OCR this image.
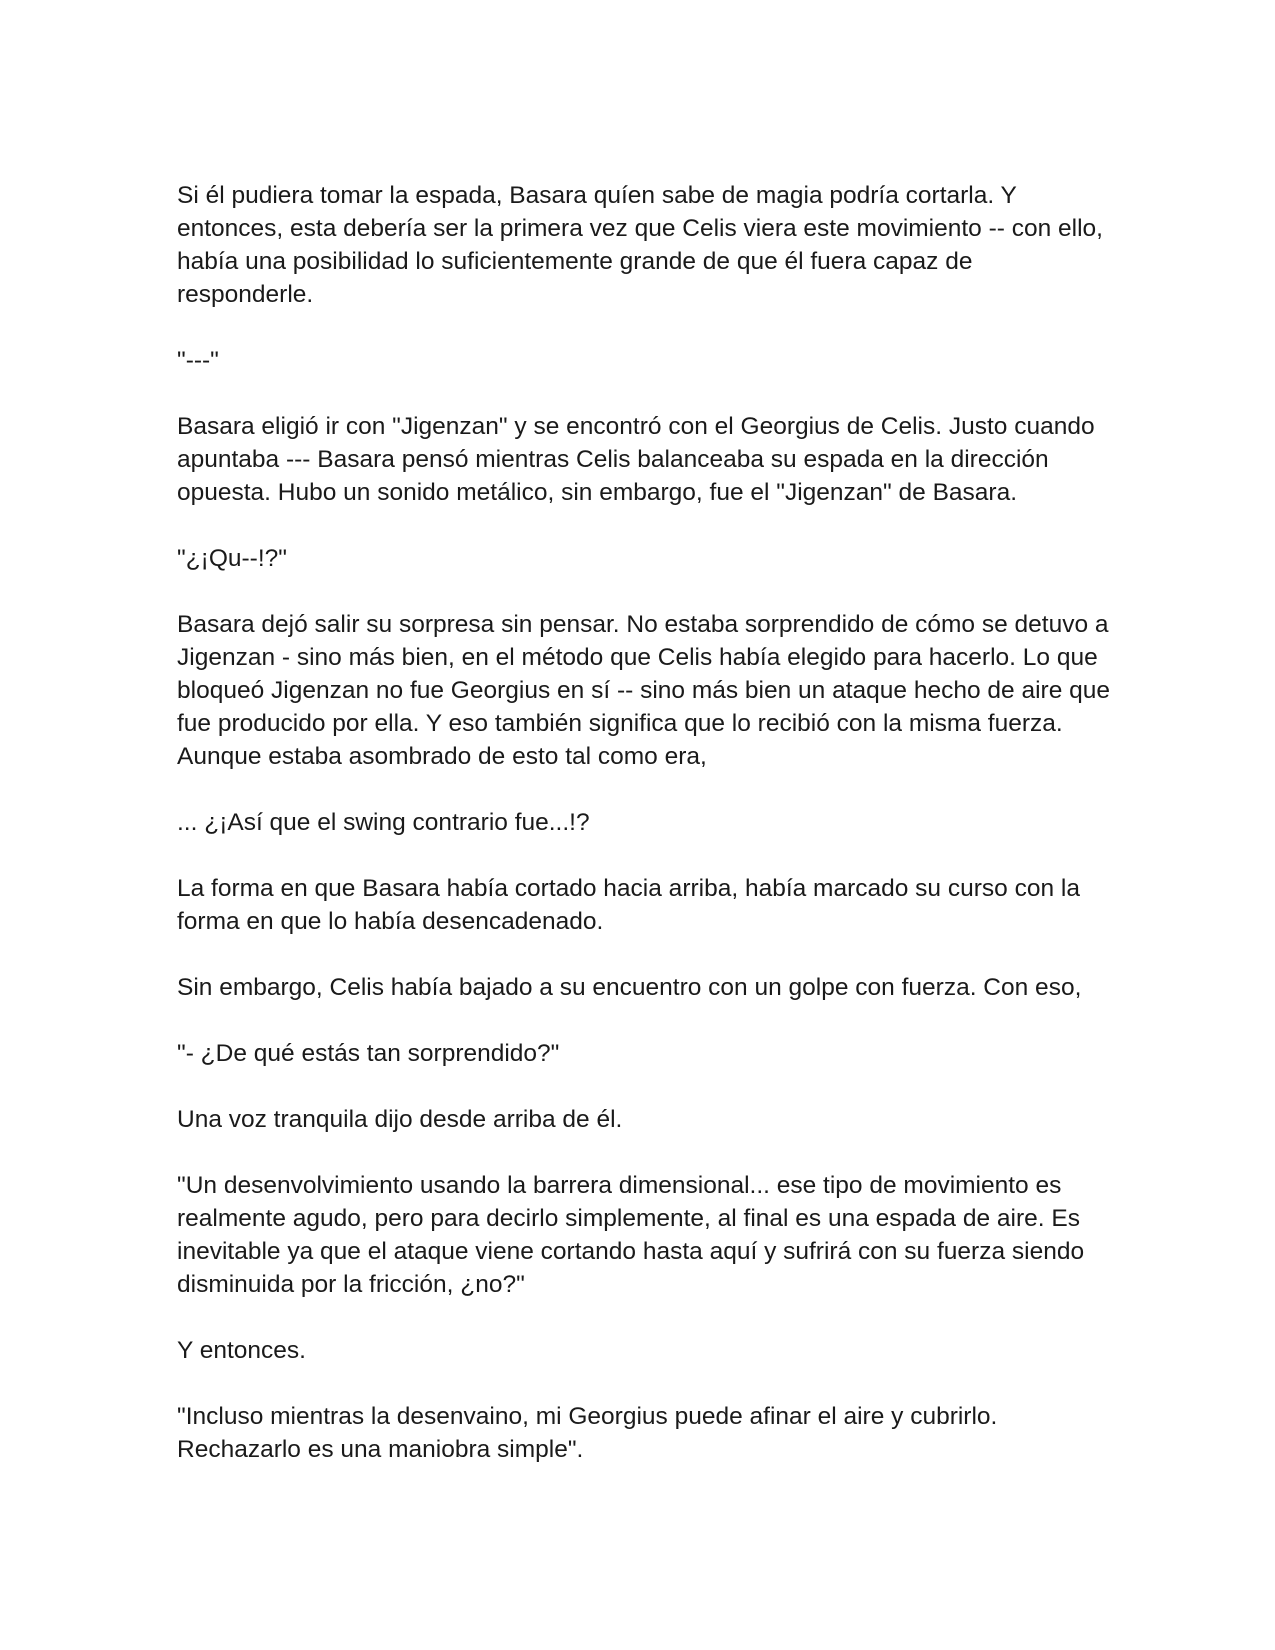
Si él pudiera tomar la espada, Basara quíen sabe de magia podría cortarla. Y entonces, esta debería ser la primera vez que Celis viera este movimiento -- con ello, había una posibilidad lo suficientemente grande de que él fuera capaz de responderle.

"---"

Basara eligió ir con "Jigenzan" y se encontró con el Georgius de Celis. Justo cuando apuntaba --- Basara pensó mientras Celis balanceaba su espada en la dirección opuesta. Hubo un sonido metálico, sin embargo, fue el "Jigenzan" de Basara.

"¿¡Qu--!?"

Basara dejó salir su sorpresa sin pensar. No estaba sorprendido de cómo se detuvo a Jigenzan - sino más bien, en el método que Celis había elegido para hacerlo. Lo que bloqueó Jigenzan no fue Georgius en sí -- sino más bien un ataque hecho de aire que fue producido por ella. Y eso también significa que lo recibió con la misma fuerza. Aunque estaba asombrado de esto tal como era,

... ¿¡Así que el swing contrario fue...!?

La forma en que Basara había cortado hacia arriba, había marcado su curso con la forma en que lo había desencadenado.

Sin embargo, Celis había bajado a su encuentro con un golpe con fuerza. Con eso,

"- ¿De qué estás tan sorprendido?"

Una voz tranquila dijo desde arriba de él.

"Un desenvolvimiento usando la barrera dimensional... ese tipo de movimiento es realmente agudo, pero para decirlo simplemente, al final es una espada de aire. Es inevitable ya que el ataque viene cortando hasta aquí y sufrirá con su fuerza siendo disminuida por la fricción, ¿no?"

Y entonces.

"Incluso mientras la desenvaino, mi Georgius puede afinar el aire y cubrirlo. Rechazarlo es una maniobra simple".
